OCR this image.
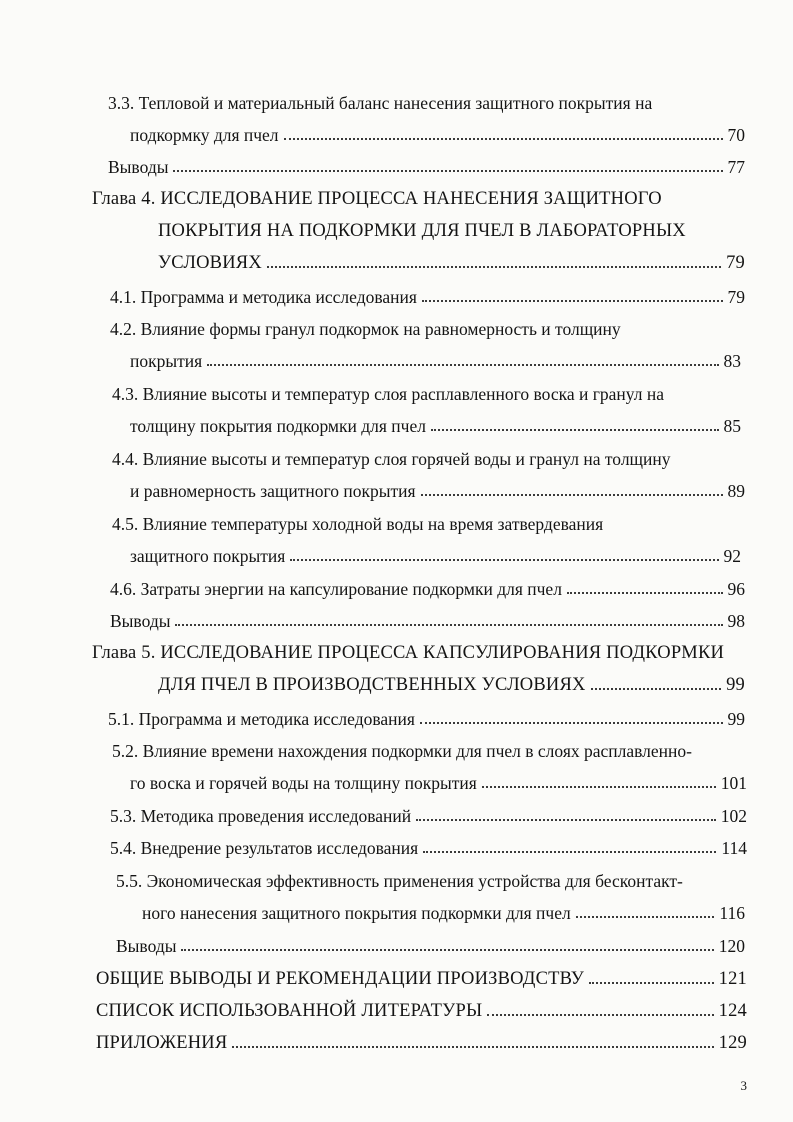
3.3. Тепловой и материальный баланс нанесения защитного покрытия на
подкормку для пчел	70
Выводы	77
Глава 4. ИССЛЕДОВАНИЕ ПРОЦЕССА НАНЕСЕНИЯ ЗАЩИТНОГО
ПОКРЫТИЯ НА ПОДКОРМКИ ДЛЯ ПЧЕЛ В ЛАБОРАТОРНЫХ
УСЛОВИЯХ	79
4.1. Программа и методика исследования	79
4.2. Влияние формы гранул подкормок на равномерность и толщину
покрытия	83
4.3. Влияние высоты и температур слоя расплавленного воска и гранул на
толщину покрытия подкормки для пчел	85
4.4. Влияние высоты и температур слоя горячей воды и гранул на толщину
и равномерность защитного покрытия	89
4.5. Влияние температуры холодной воды на время затвердевания
защитного покрытия	92
4.6. Затраты энергии на капсулирование подкормки для пчел	96
Выводы	98
Глава 5. ИССЛЕДОВАНИЕ ПРОЦЕССА КАПСУЛИРОВАНИЯ ПОДКОРМКИ
ДЛЯ ПЧЕЛ В ПРОИЗВОДСТВЕННЫХ УСЛОВИЯХ	99
5.1. Программа и методика исследования	99
5.2. Влияние времени нахождения подкормки для пчел в слоях расплавленно-
го воска и горячей воды на толщину покрытия	101
5.3. Методика проведения исследований	102
5.4. Внедрение результатов исследования	114
5.5. Экономическая эффективность применения устройства для бесконтакт-
ного нанесения защитного покрытия подкормки для пчел	116
Выводы	120
ОБЩИЕ ВЫВОДЫ И РЕКОМЕНДАЦИИ ПРОИЗВОДСТВУ	121
СПИСОК ИСПОЛЬЗОВАННОЙ ЛИТЕРАТУРЫ	124
ПРИЛОЖЕНИЯ	129
3
